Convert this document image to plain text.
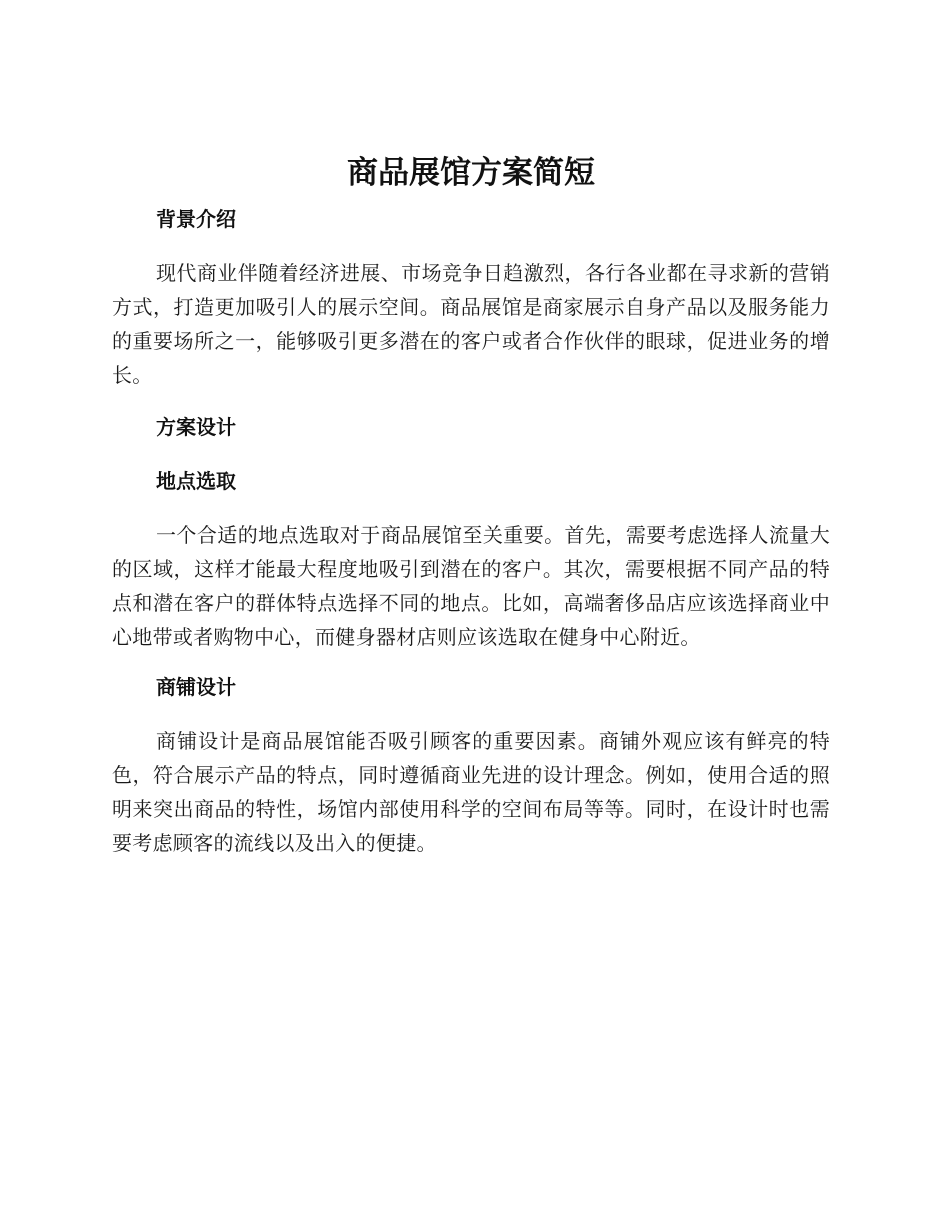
商品展馆方案简短
背景介绍

现代商业伴随着经济进展、市场竞争日趋激烈，各行各业都在寻求新的营销方式，打造更加吸引人的展示空间。商品展馆是商家展示自身产品以及服务能力的重要场所之一，能够吸引更多潜在的客户或者合作伙伴的眼球，促进业务的增长。

方案设计
地点选取

一个合适的地点选取对于商品展馆至关重要。首先，需要考虑选择人流量大的区域，这样才能最大程度地吸引到潜在的客户。其次，需要根据不同产品的特点和潜在客户的群体特点选择不同的地点。比如，高端奢侈品店应该选择商业中心地带或者购物中心，而健身器材店则应该选取在健身中心附近。

商铺设计

商铺设计是商品展馆能否吸引顾客的重要因素。商铺外观应该有鲜亮的特色，符合展示产品的特点，同时遵循商业先进的设计理念。例如，使用合适的照明来突出商品的特性，场馆内部使用科学的空间布局等等。同时，在设计时也需要考虑顾客的流线以及出入的便捷。
